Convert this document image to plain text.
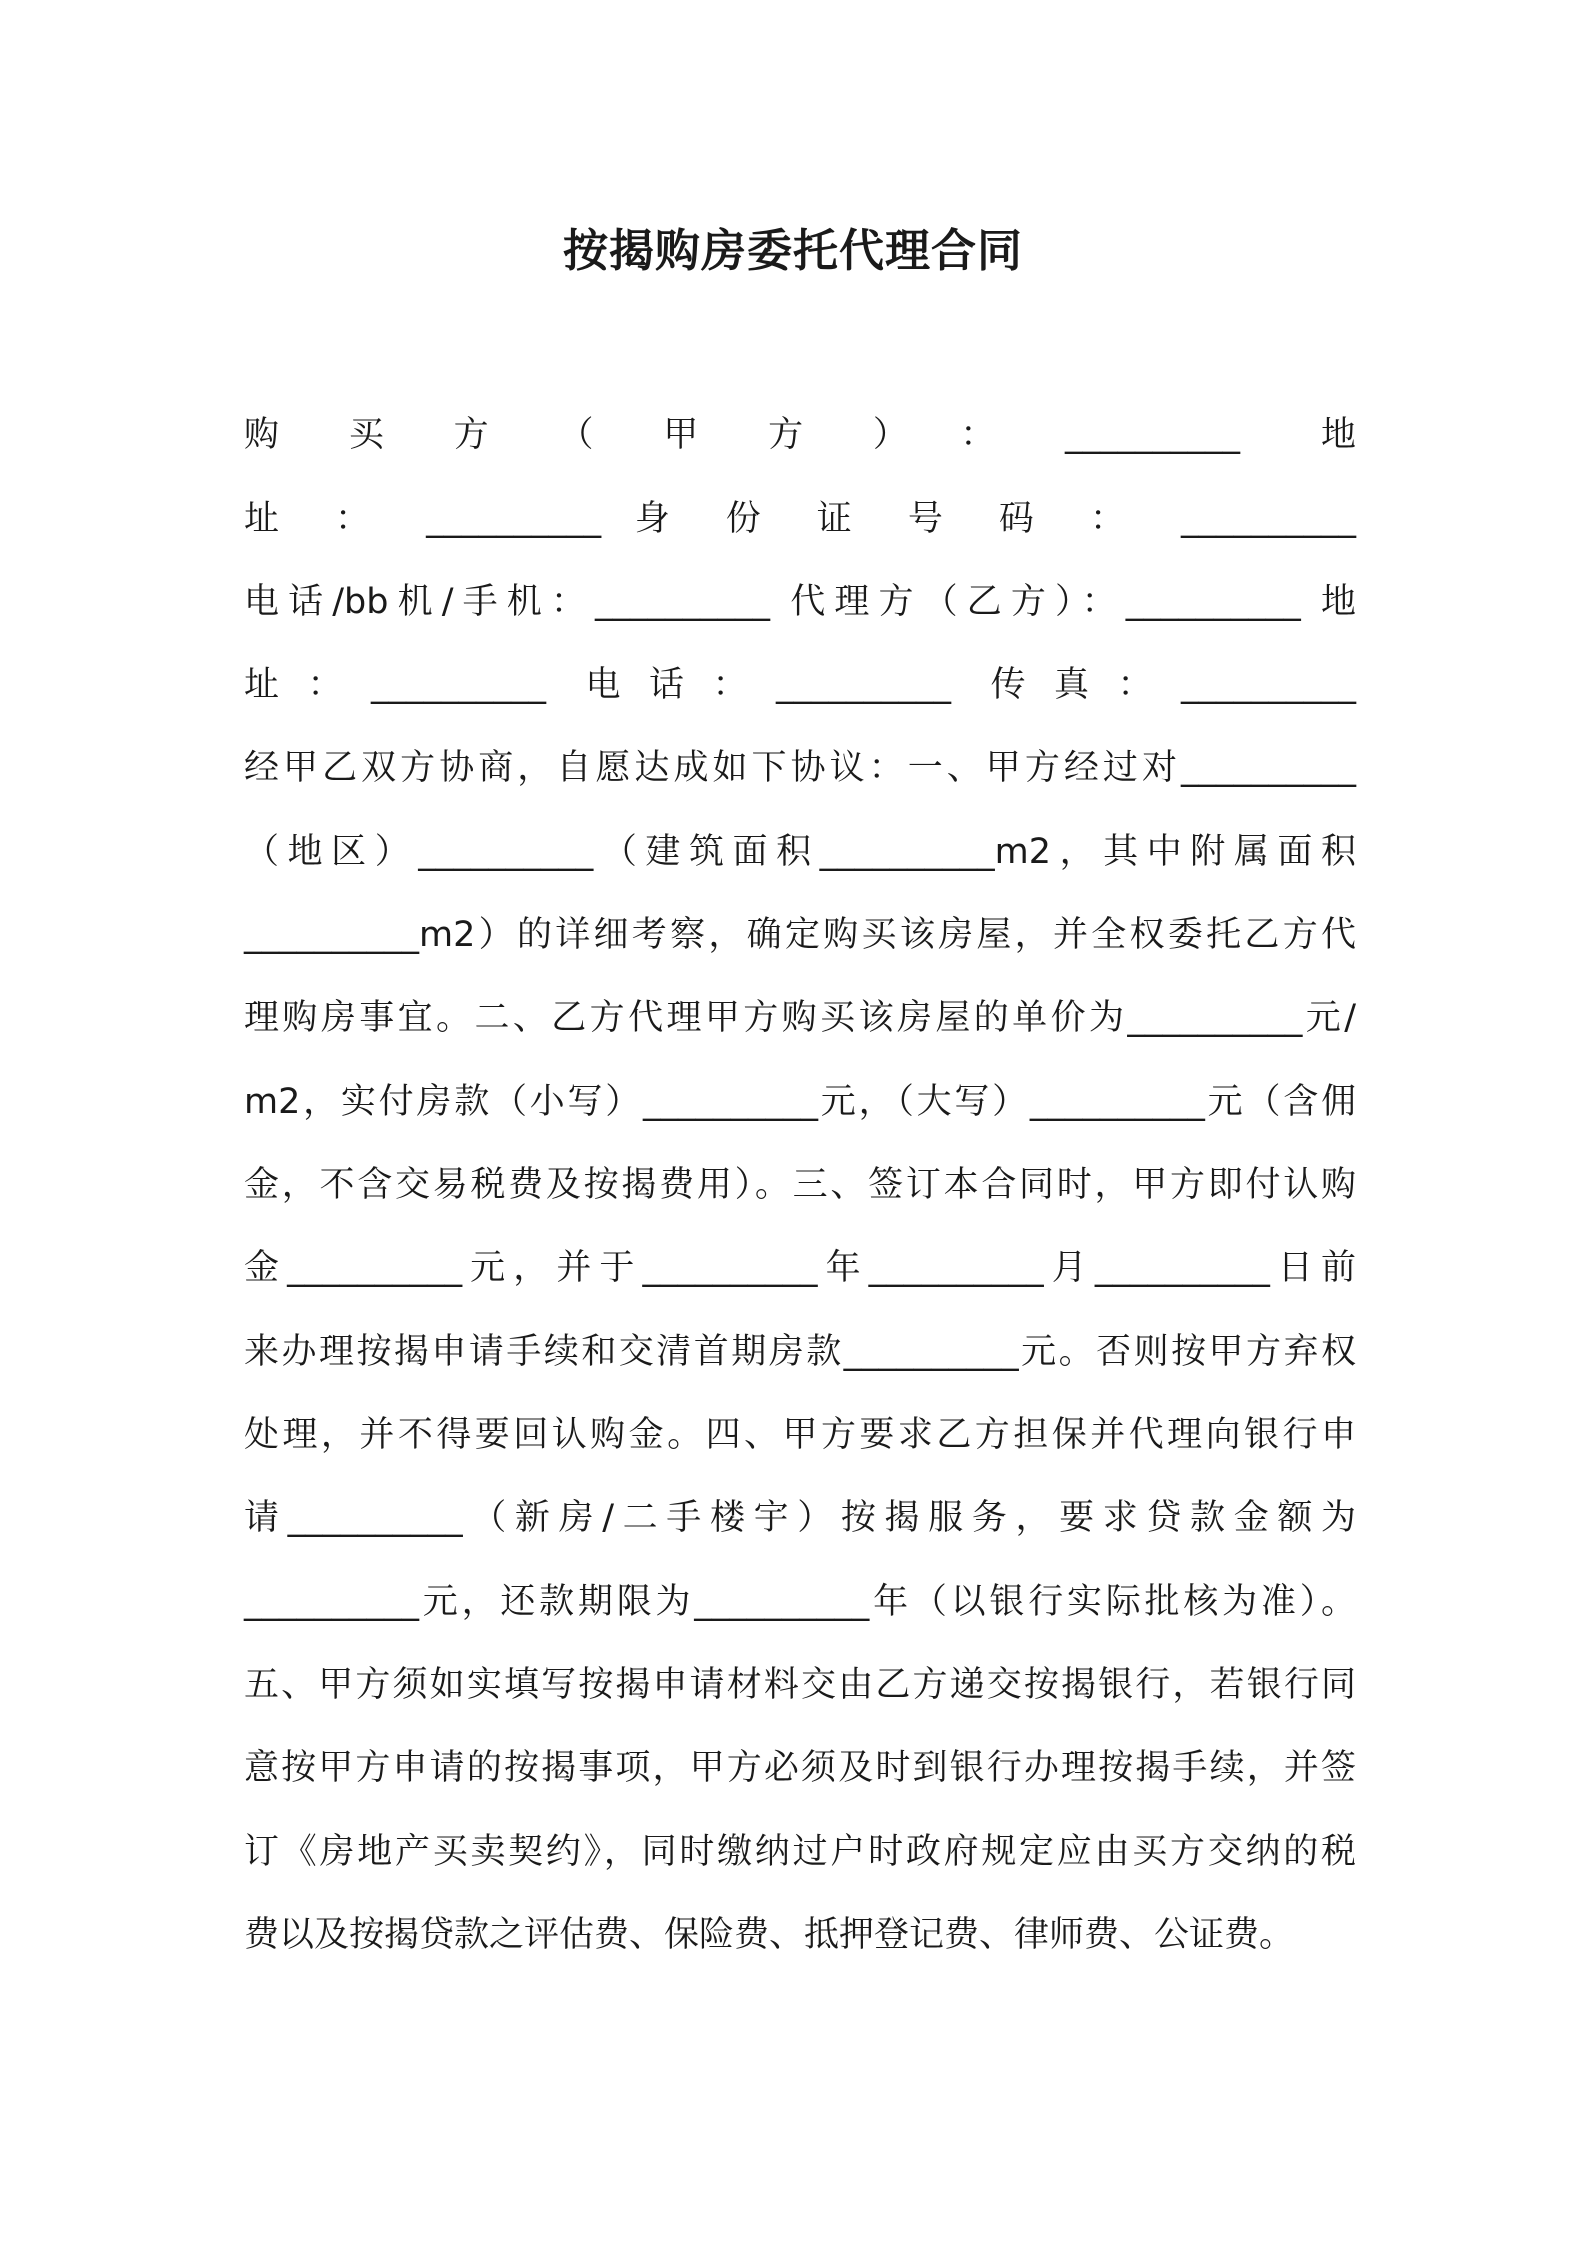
按揭购房委托代理合同
购买方（甲方）：__________ 地
址 ： __________ 身 份 证 号 码 ： __________
电话/bb机/手机：__________ 代理方（乙方）：__________ 地
址：__________ 电话：__________ 传真：__________
经甲乙双方协商，自愿达成如下协议：一、甲方经过对__________
（地区）__________（建筑面积__________m2，其中附属面积
__________m2）的详细考察，确定购买该房屋，并全权委托乙方代
理购房事宜。二、乙方代理甲方购买该房屋的单价为__________元/
m2，实付房款（小写）__________元，（大写）__________元（含佣
金，不含交易税费及按揭费用）。三、签订本合同时，甲方即付认购
金__________元，并于__________年__________月__________日前
来办理按揭申请手续和交清首期房款__________元。否则按甲方弃权
处理，并不得要回认购金。四、甲方要求乙方担保并代理向银行申
请__________（新房/二手楼宇）按揭服务，要求贷款金额为
__________元，还款期限为__________年（以银行实际批核为准）。
五、甲方须如实填写按揭申请材料交由乙方递交按揭银行，若银行同
意按甲方申请的按揭事项，甲方必须及时到银行办理按揭手续，并签
订《房地产买卖契约》，同时缴纳过户时政府规定应由买方交纳的税
费以及按揭贷款之评估费、保险费、抵押登记费、律师费、公证费。
